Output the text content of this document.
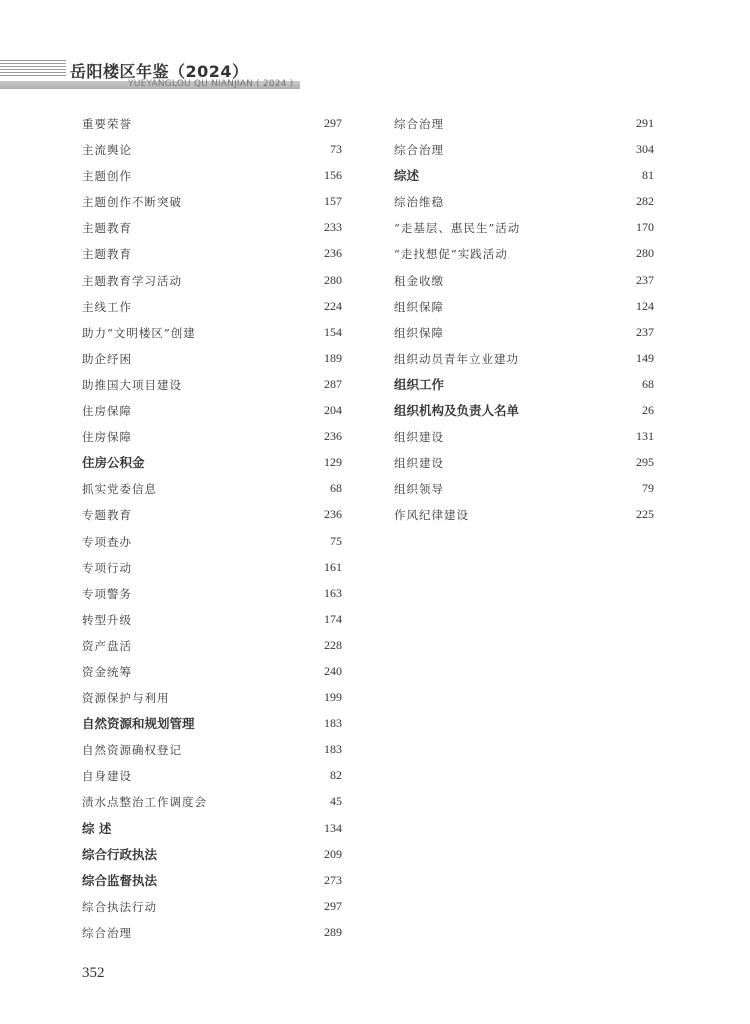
岳阳楼区年鉴（2024）
YUEYANGLOU QU NIANJIAN ( 2024 )
重要荣誉	297
主流舆论	73
主题创作	156
主题创作不断突破	157
主题教育	233
主题教育	236
主题教育学习活动	280
主线工作	224
助力“文明楼区”创建	154
助企纾困	189
助推国大项目建设	287
住房保障	204
住房保障	236
住房公积金	129
抓实党委信息	68
专题教育	236
专项查办	75
专项行动	161
专项警务	163
转型升级	174
资产盘活	228
资金统筹	240
资源保护与利用	199
自然资源和规划管理	183
自然资源确权登记	183
自身建设	82
渍水点整治工作调度会	45
综 述	134
综合行政执法	209
综合监督执法	273
综合执法行动	297
综合治理	289
综合治理	291
综合治理	304
综述	81
综治维稳	282
“走基层、惠民生”活动	170
“走找想促”实践活动	280
租金收缴	237
组织保障	124
组织保障	237
组织动员青年立业建功	149
组织工作	68
组织机构及负责人名单	26
组织建设	131
组织建设	295
组织领导	79
作风纪律建设	225
352
